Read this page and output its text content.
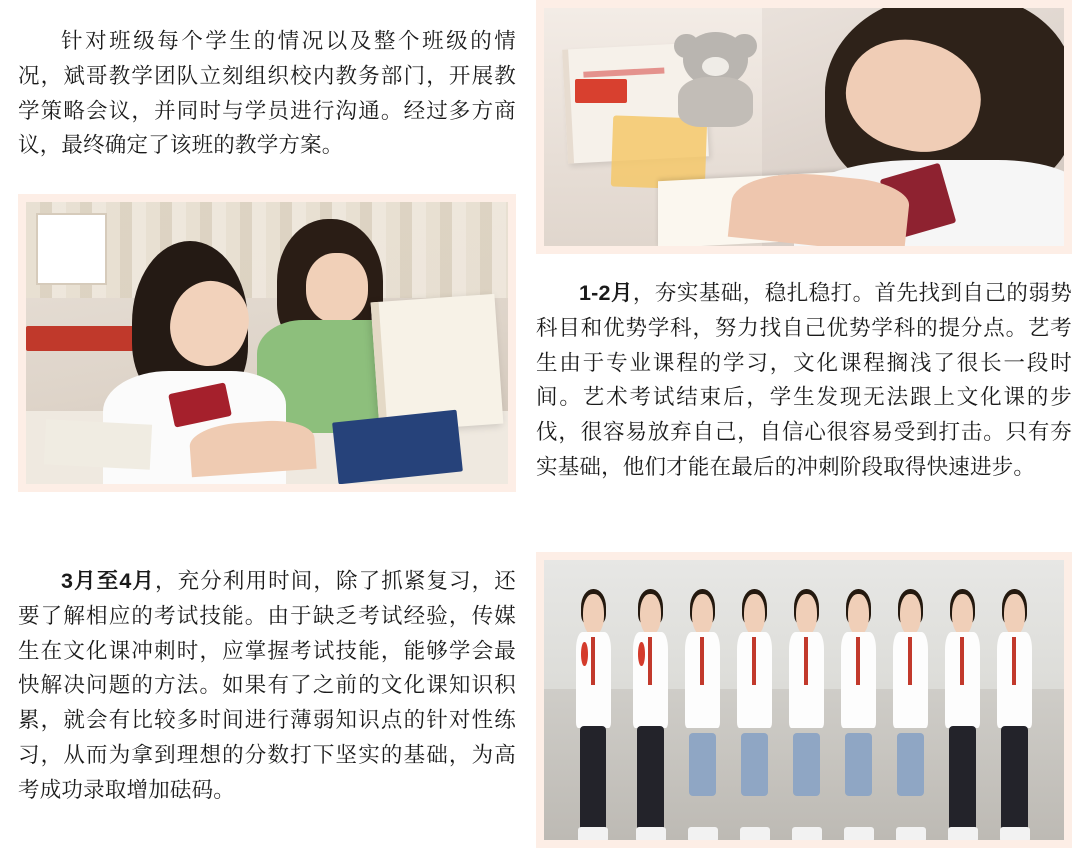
针对班级每个学生的情况以及整个班级的情况，斌哥教学团队立刻组织校内教务部门，开展教学策略会议，并同时与学员进行沟通。经过多方商议，最终确定了该班的教学方案。

1-2月，夯实基础，稳扎稳打。首先找到自己的弱势科目和优势学科，努力找自己优势学科的提分点。艺考生由于专业课程的学习，文化课程搁浅了很长一段时间。艺术考试结束后，学生发现无法跟上文化课的步伐，很容易放弃自己，自信心很容易受到打击。只有夯实基础，他们才能在最后的冲刺阶段取得快速进步。

3月至4月，充分利用时间，除了抓紧复习，还要了解相应的考试技能。由于缺乏考试经验，传媒生在文化课冲刺时，应掌握考试技能，能够学会最快解决问题的方法。如果有了之前的文化课知识积累，就会有比较多时间进行薄弱知识点的针对性练习，从而为拿到理想的分数打下坚实的基础，为高考成功录取增加砝码。
